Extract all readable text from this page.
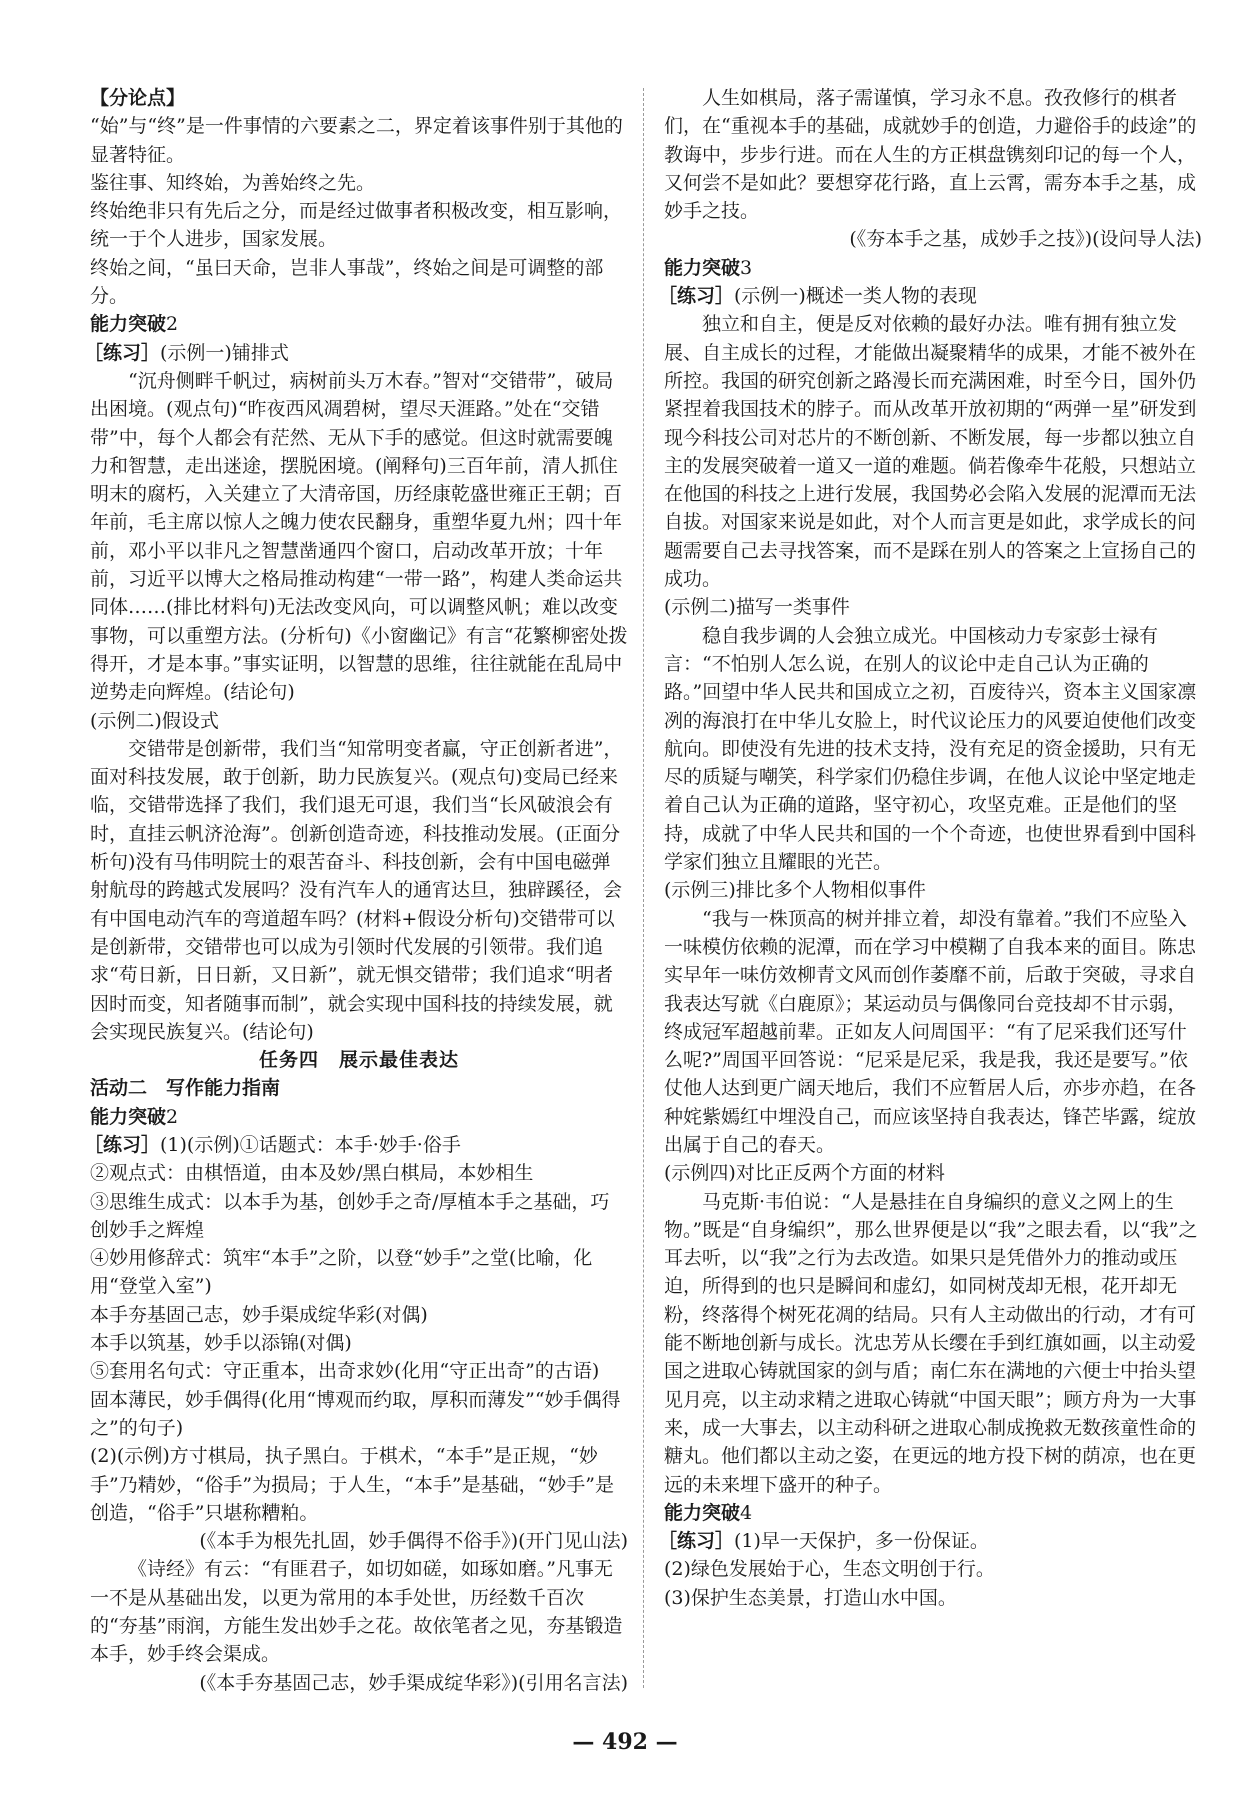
【分论点】

“始”与“终”是一件事情的六要素之二，界定着该事件别于其他的显著特征。

鉴往事、知终始，为善始终之先。

终始绝非只有先后之分，而是经过做事者积极改变，相互影响，统一于个人进步，国家发展。

终始之间，“虽曰天命，岂非人事哉”，终始之间是可调整的部分。

能力突破2

［练习］(示例一)铺排式

“沉舟侧畔千帆过，病树前头万木春。”智对“交错带”，破局出困境。(观点句)“昨夜西风凋碧树，望尽天涯路。”处在“交错带”中，每个人都会有茫然、无从下手的感觉。但这时就需要魄力和智慧，走出迷途，摆脱困境。(阐释句)三百年前，清人抓住明末的腐朽，入关建立了大清帝国，历经康乾盛世雍正王朝；百年前，毛主席以惊人之魄力使农民翻身，重塑华夏九州；四十年前，邓小平以非凡之智慧凿通四个窗口，启动改革开放；十年前，习近平以博大之格局推动构建“一带一路”，构建人类命运共同体……(排比材料句)无法改变风向，可以调整风帆；难以改变事物，可以重塑方法。(分析句)《小窗幽记》有言“花繁柳密处拨得开，才是本事。”事实证明，以智慧的思维，往往就能在乱局中逆势走向辉煌。(结论句)

(示例二)假设式

交错带是创新带，我们当“知常明变者赢，守正创新者进”，面对科技发展，敢于创新，助力民族复兴。(观点句)变局已经来临，交错带选择了我们，我们退无可退，我们当“长风破浪会有时，直挂云帆济沧海”。创新创造奇迹，科技推动发展。(正面分析句)没有马伟明院士的艰苦奋斗、科技创新，会有中国电磁弹射航母的跨越式发展吗？没有汽车人的通宵达旦，独辟蹊径，会有中国电动汽车的弯道超车吗？(材料+假设分析句)交错带可以是创新带，交错带也可以成为引领时代发展的引领带。我们追求“苟日新，日日新，又日新”，就无惧交错带；我们追求“明者因时而变，知者随事而制”，就会实现中国科技的持续发展，就会实现民族复兴。(结论句)

任务四　展示最佳表达

活动二　写作能力指南

能力突破2

［练习］(1)(示例)①话题式：本手·妙手·俗手

②观点式：由棋悟道，由本及妙/黑白棋局，本妙相生

③思维生成式：以本手为基，创妙手之奇/厚植本手之基础，巧创妙手之辉煌

④妙用修辞式：筑牢“本手”之阶，以登“妙手”之堂(比喻，化用“登堂入室”)

本手夯基固己志，妙手渠成绽华彩(对偶)

本手以筑基，妙手以添锦(对偶)

⑤套用名句式：守正重本，出奇求妙(化用“守正出奇”的古语)

固本薄民，妙手偶得(化用“博观而约取，厚积而薄发”“妙手偶得之”的句子)

(2)(示例)方寸棋局，执子黑白。于棋术，“本手”是正规，“妙手”乃精妙，“俗手”为损局；于人生，“本手”是基础，“妙手”是创造，“俗手”只堪称糟粕。

(《本手为根先扎固，妙手偶得不俗手》)(开门见山法)

《诗经》有云：“有匪君子，如切如磋，如琢如磨。”凡事无一不是从基础出发，以更为常用的本手处世，历经数千百次的“夯基”雨润，方能生发出妙手之花。故依笔者之见，夯基锻造本手，妙手终会渠成。

(《本手夯基固己志，妙手渠成绽华彩》)(引用名言法)

人生如棋局，落子需谨慎，学习永不息。孜孜修行的棋者们，在“重视本手的基础，成就妙手的创造，力避俗手的歧途”的教诲中，步步行进。而在人生的方正棋盘镌刻印记的每一个人，又何尝不是如此？要想穿花行路，直上云霄，需夯本手之基，成妙手之技。

(《夯本手之基，成妙手之技》)(设问导人法)

能力突破3

［练习］(示例一)概述一类人物的表现

独立和自主，便是反对依赖的最好办法。唯有拥有独立发展、自主成长的过程，才能做出凝聚精华的成果，才能不被外在所控。我国的研究创新之路漫长而充满困难，时至今日，国外仍紧捏着我国技术的脖子。而从改革开放初期的“两弹一星”研发到现今科技公司对芯片的不断创新、不断发展，每一步都以独立自主的发展突破着一道又一道的难题。倘若像牵牛花般，只想站立在他国的科技之上进行发展，我国势必会陷入发展的泥潭而无法自拔。对国家来说是如此，对个人而言更是如此，求学成长的问题需要自己去寻找答案，而不是踩在别人的答案之上宣扬自己的成功。

(示例二)描写一类事件

稳自我步调的人会独立成光。中国核动力专家彭士禄有言：“不怕别人怎么说，在别人的议论中走自己认为正确的路。”回望中华人民共和国成立之初，百废待兴，资本主义国家凛冽的海浪打在中华儿女脸上，时代议论压力的风要迫使他们改变航向。即使没有先进的技术支持，没有充足的资金援助，只有无尽的质疑与嘲笑，科学家们仍稳住步调，在他人议论中坚定地走着自己认为正确的道路，坚守初心，攻坚克难。正是他们的坚持，成就了中华人民共和国的一个个奇迹，也使世界看到中国科学家们独立且耀眼的光芒。

(示例三)排比多个人物相似事件

“我与一株顶高的树并排立着，却没有靠着。”我们不应坠入一味模仿依赖的泥潭，而在学习中模糊了自我本来的面目。陈忠实早年一味仿效柳青文风而创作萎靡不前，后敢于突破，寻求自我表达写就《白鹿原》；某运动员与偶像同台竞技却不甘示弱，终成冠军超越前辈。正如友人问周国平：“有了尼采我们还写什么呢?”周国平回答说：“尼采是尼采，我是我，我还是要写。”依仗他人达到更广阔天地后，我们不应暂居人后，亦步亦趋，在各种姹紫嫣红中埋没自己，而应该坚持自我表达，锋芒毕露，绽放出属于自己的春天。

(示例四)对比正反两个方面的材料

马克斯·韦伯说：“人是悬挂在自身编织的意义之网上的生物。”既是“自身编织”，那么世界便是以“我”之眼去看，以“我”之耳去听，以“我”之行为去改造。如果只是凭借外力的推动或压迫，所得到的也只是瞬间和虚幻，如同树茂却无根，花开却无粉，终落得个树死花凋的结局。只有人主动做出的行动，才有可能不断地创新与成长。沈忠芳从长缨在手到红旗如画，以主动爱国之进取心铸就国家的剑与盾；南仁东在满地的六便士中抬头望见月亮，以主动求精之进取心铸就“中国天眼”；顾方舟为一大事来，成一大事去，以主动科研之进取心制成挽救无数孩童性命的糖丸。他们都以主动之姿，在更远的地方投下树的荫凉，也在更远的未来埋下盛开的种子。

能力突破4

［练习］(1)早一天保护，多一份保证。

(2)绿色发展始于心，生态文明创于行。

(3)保护生态美景，打造山水中国。

— 492 —
